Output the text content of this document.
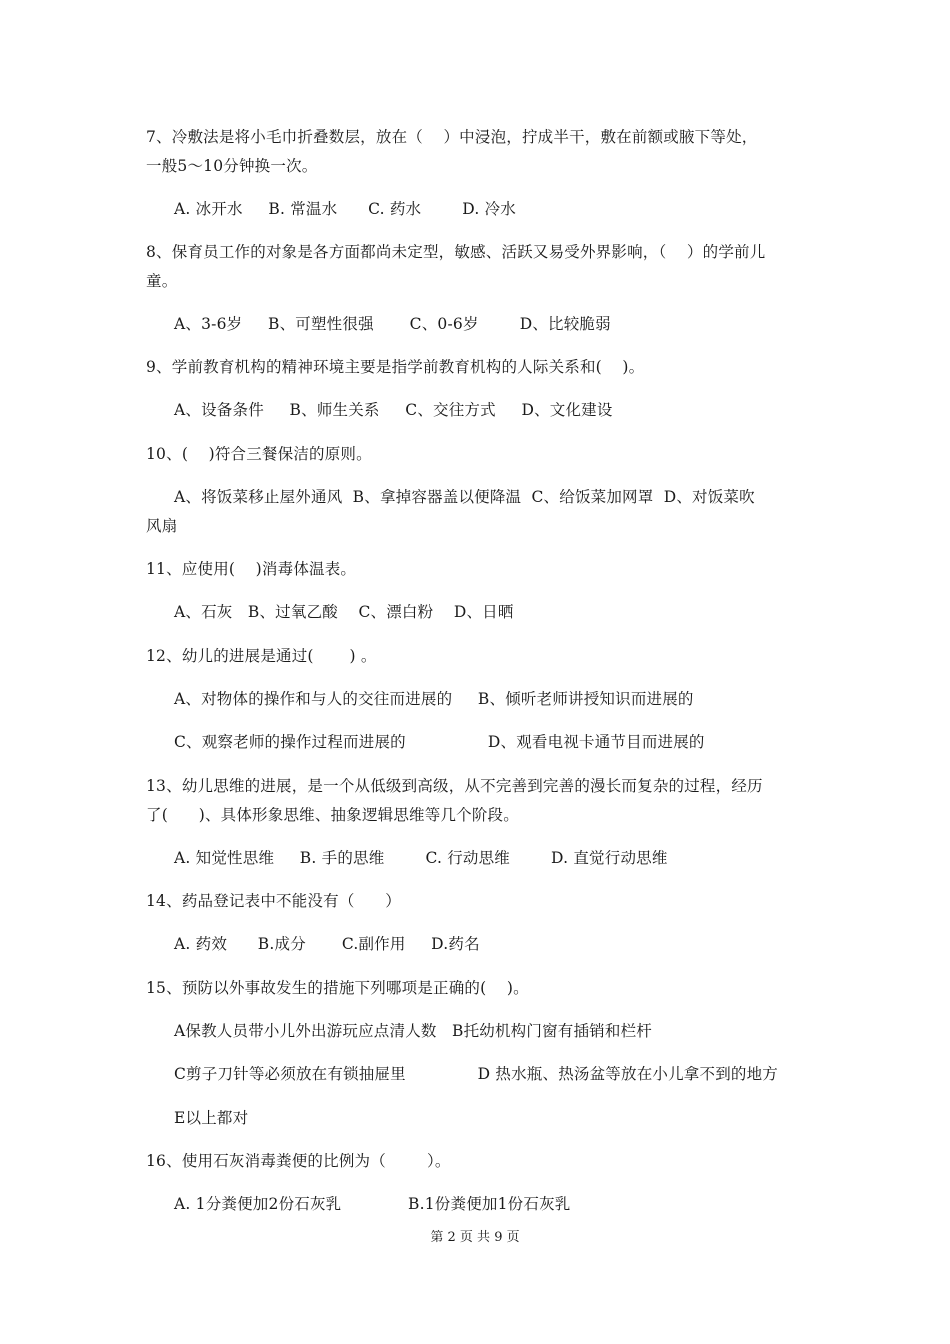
7、冷敷法是将小毛巾折叠数层，放在（    ）中浸泡，拧成半干，敷在前额或腋下等处，
一般5～10分钟换一次。
A. 冰开水     B. 常温水      C. 药水        D. 冷水
8、保育员工作的对象是各方面都尚未定型，敏感、活跃又易受外界影响，（    ）的学前儿
童。
A、3-6岁     B、可塑性很强       C、0-6岁        D、比较脆弱
9、学前教育机构的精神环境主要是指学前教育机构的人际关系和(    )。
A、设备条件     B、师生关系     C、交往方式     D、文化建设
10、(    )符合三餐保洁的原则。
A、将饭菜移止屋外通风  B、拿掉容器盖以便降温  C、给饭菜加网罩  D、对饭菜吹
风扇
11、应使用(    )消毒体温表。
A、石灰   B、过氧乙酸    C、漂白粉    D、日晒
12、幼儿的进展是通过(       ) 。
A、对物体的操作和与人的交往而进展的     B、倾听老师讲授知识而进展的
C、观察老师的操作过程而进展的                D、观看电视卡通节目而进展的
13、幼儿思维的进展，是一个从低级到高级，从不完善到完善的漫长而复杂的过程，经历
了(      )、具体形象思维、抽象逻辑思维等几个阶段。
A. 知觉性思维     B. 手的思维        C. 行动思维        D. 直觉行动思维
14、药品登记表中不能没有（      ）
A. 药效      B.成分       C.副作用     D.药名
15、预防以外事故发生的措施下列哪项是正确的(    )。
A保教人员带小儿外出游玩应点清人数   B托幼机构门窗有插销和栏杆
C剪子刀针等必须放在有锁抽屉里              D 热水瓶、热汤盆等放在小儿拿不到的地方
E以上都对
16、使用石灰消毒粪便的比例为（        ）。
A. 1分粪便加2份石灰乳             B.1份粪便加1份石灰乳
第 2 页 共 9 页
